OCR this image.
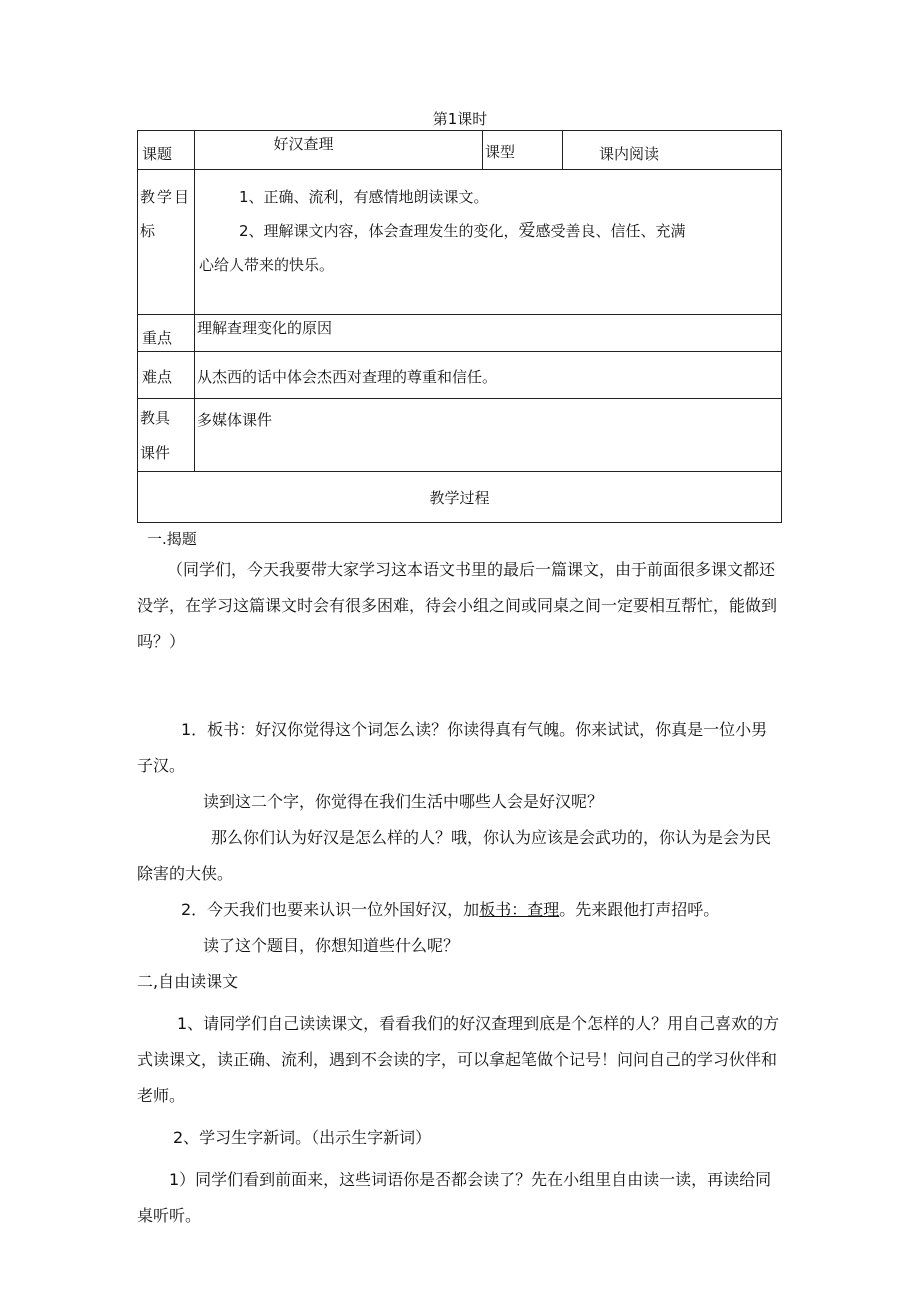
第1课时
课题	好汉查理	课型	课内阅读

教学目标	1、正确、流利，有感情地朗读课文。
2、理解课文内容，体会查理发生的变化，爱感受善良、信任、充满
心给人带来的快乐。		

重点	理解查理变化的原因		

难点	从杰西的话中体会杰西对查理的尊重和信任。		

教具
课件	多媒体课件		

教学过程			

一.揭题

（同学们，今天我要带大家学习这本语文书里的最后一篇课文，由于前面很多课文都还没学，在学习这篇课文时会有很多困难，待会小组之间或同桌之间一定要相互帮忙，能做到吗？）

1．板书：好汉你觉得这个词怎么读？你读得真有气魄。你来试试，你真是一位小男子汉。

读到这二个字，你觉得在我们生活中哪些人会是好汉呢？

那么你们认为好汉是怎么样的人？哦，你认为应该是会武功的，你认为是会为民除害的大侠。

2．今天我们也要来认识一位外国好汉，加板书：查理。先来跟他打声招呼。

读了这个题目，你想知道些什么呢？

二,自由读课文

1、请同学们自己读读课文，看看我们的好汉查理到底是个怎样的人？用自己喜欢的方式读课文，读正确、流利，遇到不会读的字，可以拿起笔做个记号！问问自己的学习伙伴和老师。

2、学习生字新词。（出示生字新词）

1）同学们看到前面来，这些词语你是否都会读了？先在小组里自由读一读，再读给同桌听听。
